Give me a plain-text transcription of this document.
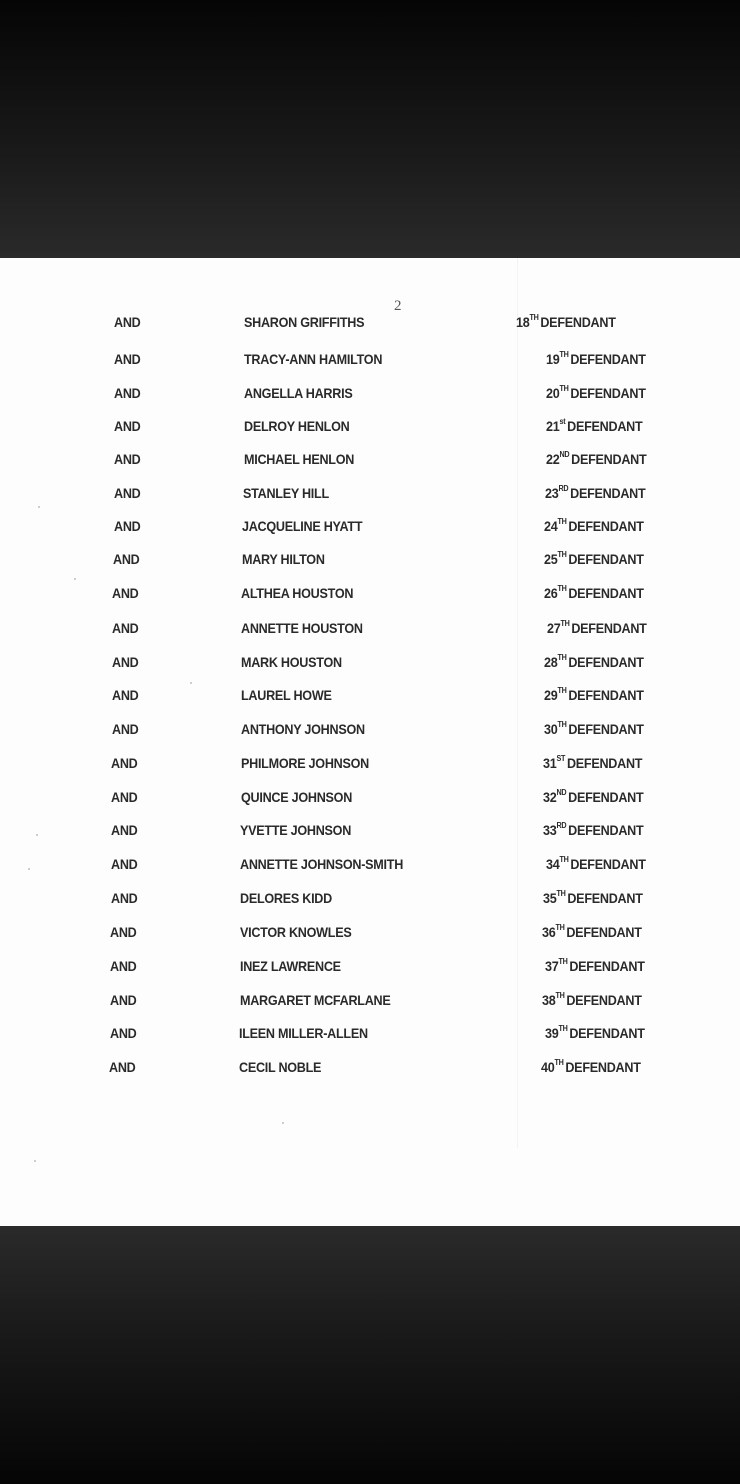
2
AND	SHARON GRIFFITHS	18TH DEFENDANT
AND	TRACY-ANN HAMILTON	19TH DEFENDANT
AND	ANGELLA HARRIS	20TH DEFENDANT
AND	DELROY HENLON	21st DEFENDANT
AND	MICHAEL HENLON	22ND DEFENDANT
AND	STANLEY HILL	23RD DEFENDANT
AND	JACQUELINE HYATT	24TH DEFENDANT
AND	MARY HILTON	25TH DEFENDANT
AND	ALTHEA HOUSTON	26TH DEFENDANT
AND	ANNETTE HOUSTON	27TH DEFENDANT
AND	MARK HOUSTON	28TH DEFENDANT
AND	LAUREL HOWE	29TH DEFENDANT
AND	ANTHONY JOHNSON	30TH DEFENDANT
AND	PHILMORE JOHNSON	31ST DEFENDANT
AND	QUINCE JOHNSON	32ND DEFENDANT
AND	YVETTE JOHNSON	33RD DEFENDANT
AND	ANNETTE JOHNSON-SMITH	34TH DEFENDANT
AND	DELORES KIDD	35TH DEFENDANT
AND	VICTOR KNOWLES	36TH DEFENDANT
AND	INEZ LAWRENCE	37TH DEFENDANT
AND	MARGARET MCFARLANE	38TH DEFENDANT
AND	ILEEN MILLER-ALLEN	39TH DEFENDANT
AND	CECIL NOBLE	40TH DEFENDANT
